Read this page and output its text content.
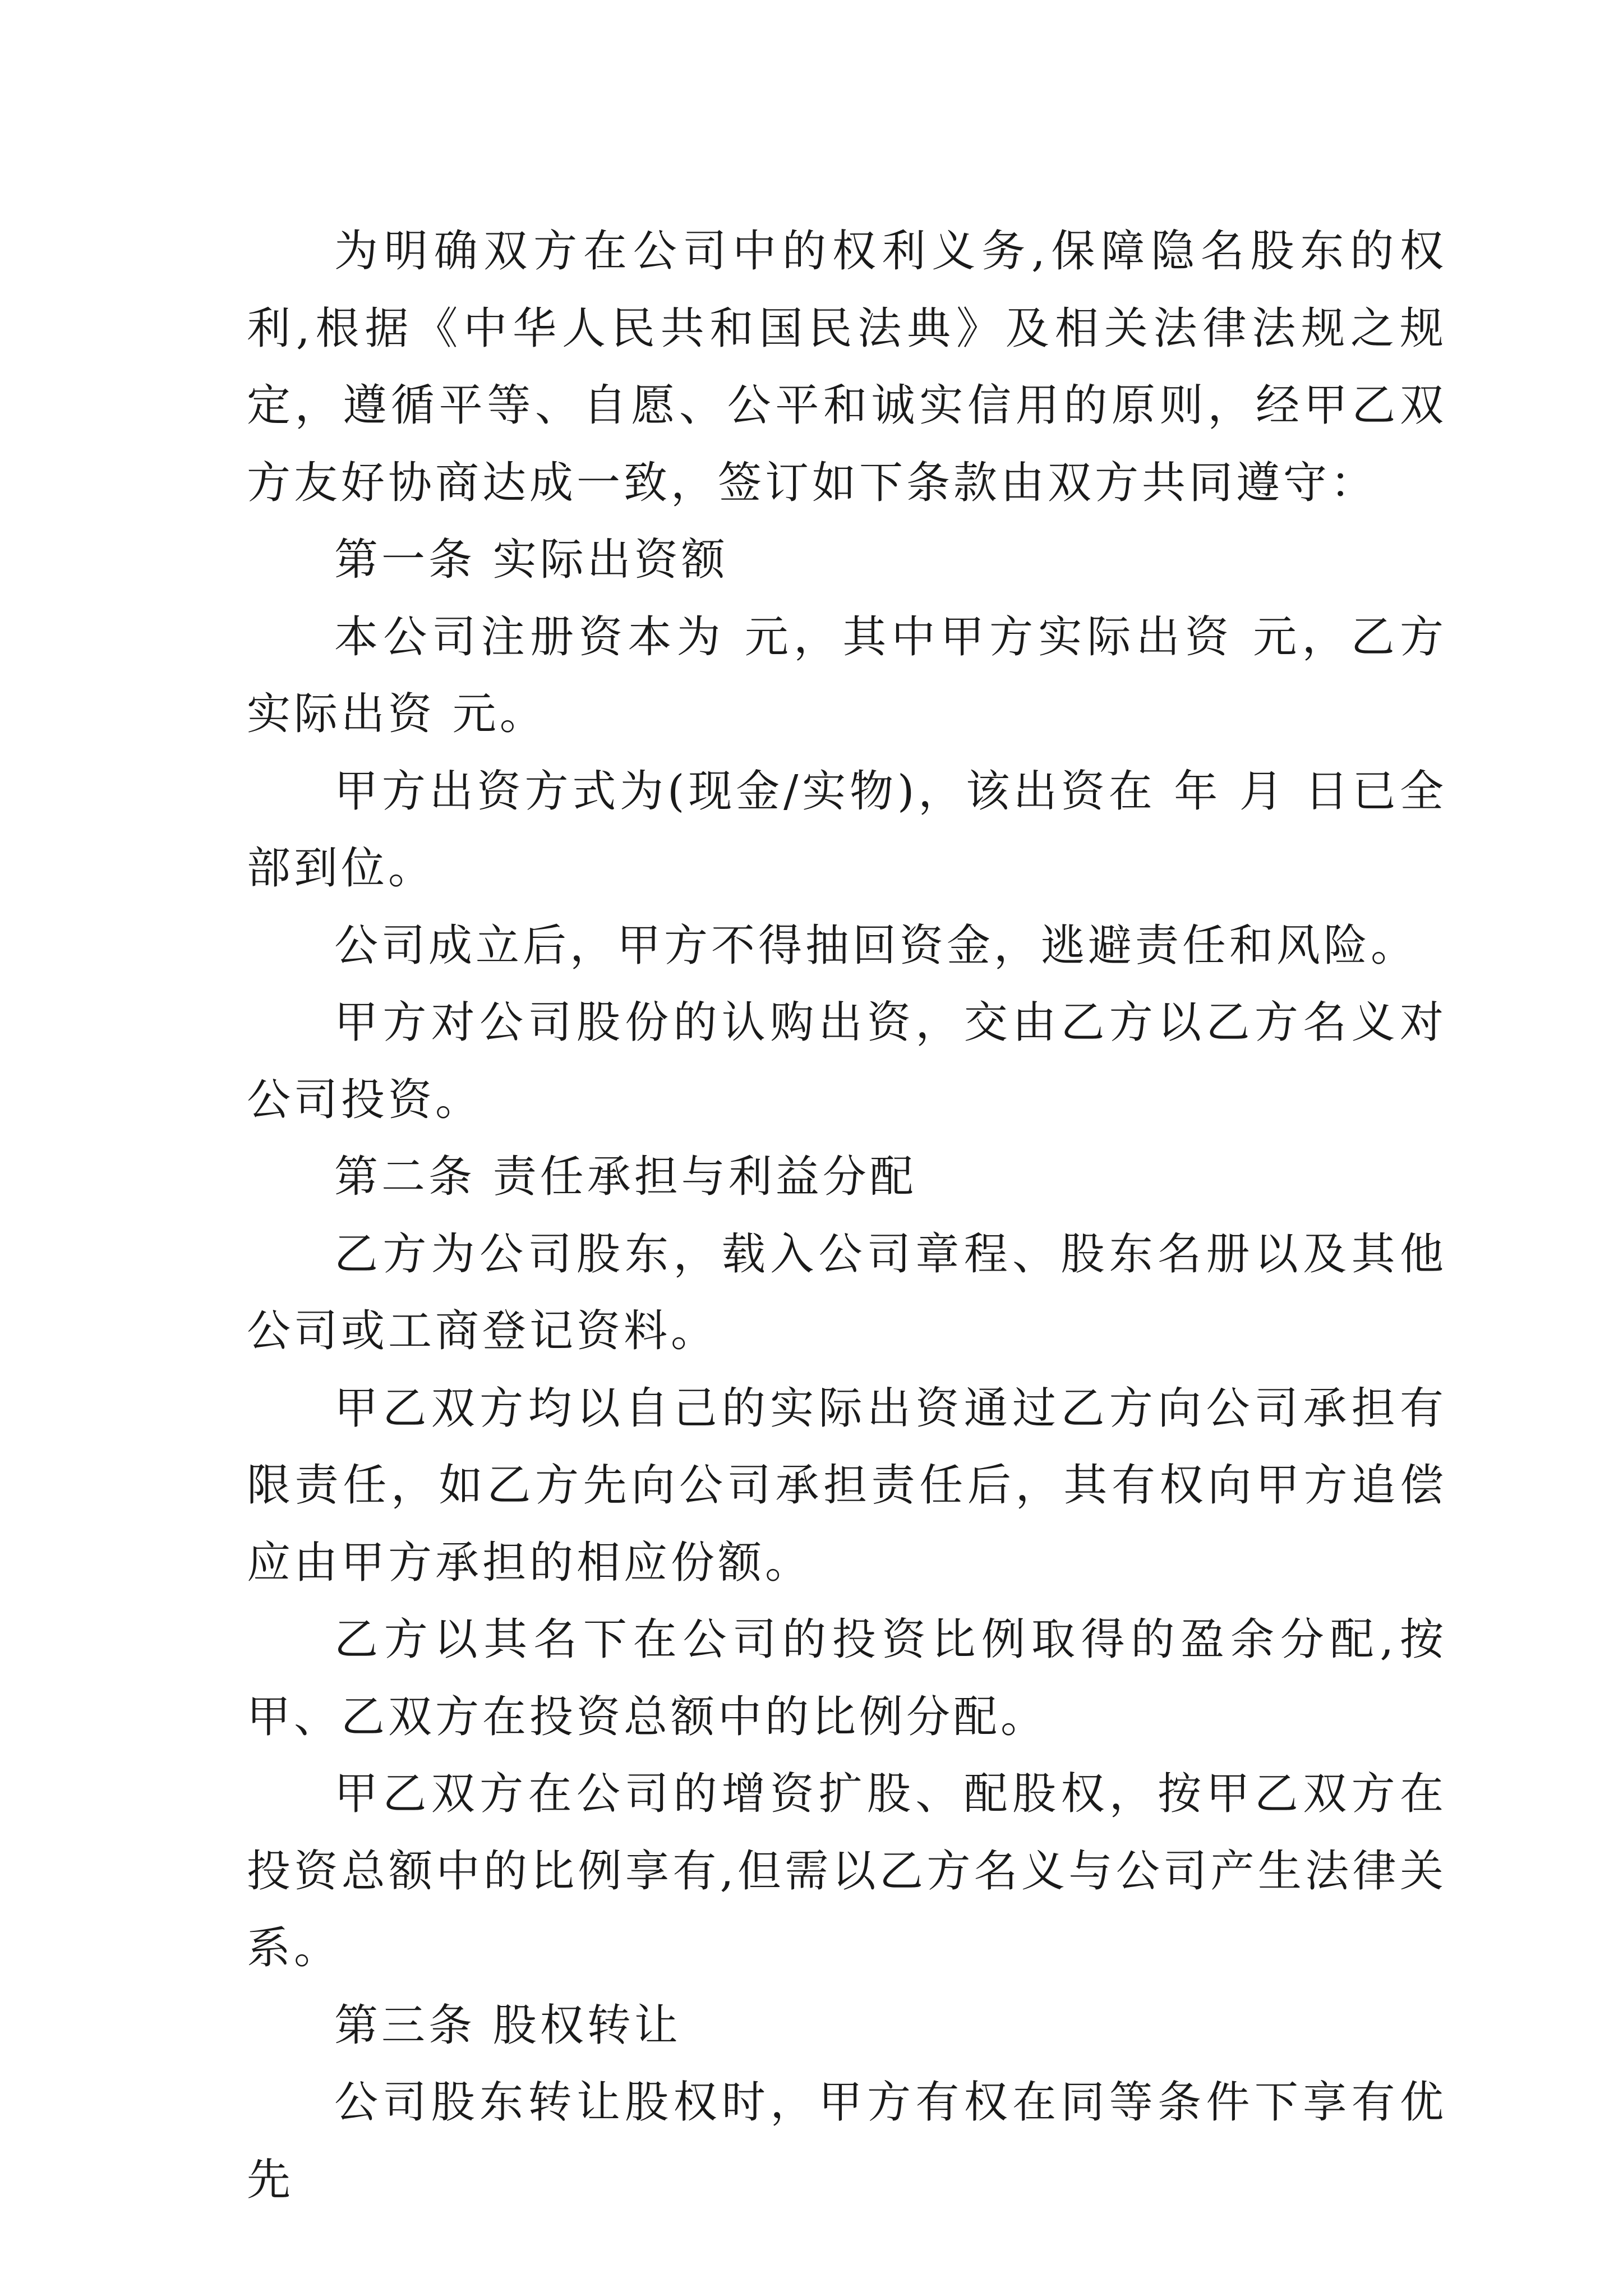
为明确双方在公司中的权利义务,保障隐名股东的权利,根据《中华人民共和国民法典》及相关法律法规之规定，遵循平等、自愿、公平和诚实信用的原则，经甲乙双方友好协商达成一致，签订如下条款由双方共同遵守：

第一条 实际出资额

本公司注册资本为 元，其中甲方实际出资 元，乙方实际出资 元。

甲方出资方式为(现金/实物)，该出资在 年 月 日已全部到位。

公司成立后，甲方不得抽回资金，逃避责任和风险。

甲方对公司股份的认购出资，交由乙方以乙方名义对公司投资。

第二条 责任承担与利益分配

乙方为公司股东，载入公司章程、股东名册以及其他公司或工商登记资料。

甲乙双方均以自己的实际出资通过乙方向公司承担有限责任，如乙方先向公司承担责任后，其有权向甲方追偿应由甲方承担的相应份额。

乙方以其名下在公司的投资比例取得的盈余分配,按甲、乙双方在投资总额中的比例分配。

甲乙双方在公司的增资扩股、配股权，按甲乙双方在投资总额中的比例享有,但需以乙方名义与公司产生法律关系。

第三条 股权转让

公司股东转让股权时，甲方有权在同等条件下享有优先
